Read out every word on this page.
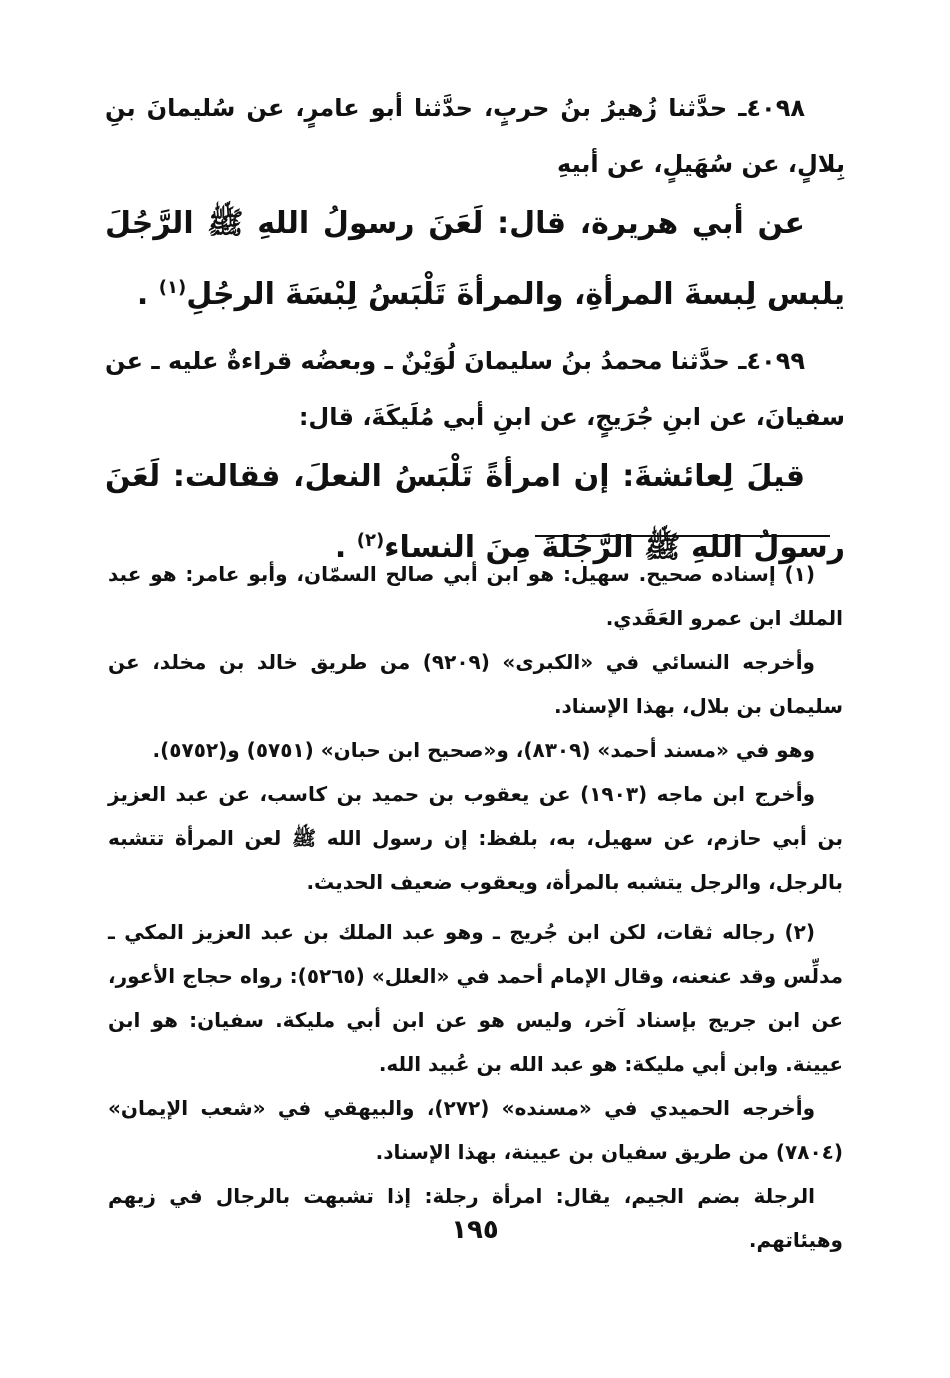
٤٠٩٨ـ حدَّثنا زُهيرُ بنُ حربٍ، حدَّثنا أبو عامرٍ، عن سُليمانَ بنِ بِلالٍ، عن سُهَيلٍ، عن أبيهِ

عن أبي هريرة، قال: لَعَنَ رسولُ اللهِ ﷺ الرَّجُلَ يلبس لِبسةَ المرأةِ، والمرأةَ تَلْبَسُ لِبْسَةَ الرجُلِ$^{(١)}$ .

٤٠٩٩ـ حدَّثنا محمدُ بنُ سليمانَ لُوَيْنٌ ـ وبعضُه قراءةٌ عليه ـ عن سفيانَ، عن ابنِ جُرَيجٍ، عن ابنِ أبي مُلَيكَةَ، قال:

قيلَ لِعائشةَ: إن امرأةً تَلْبَسُ النعلَ، فقالت: لَعَنَ رسولُ اللهِ ﷺ الرَّجُلةَ مِنَ النساء$^{(٢)}$ .

(١) إسناده صحيح. سهيل: هو ابن أبي صالح السمّان، وأبو عامر: هو عبد الملك ابن عمرو العَقَدي.

وأخرجه النسائي في «الكبرى» (٩٢٠٩) من طريق خالد بن مخلد، عن سليمان بن بلال، بهذا الإسناد.

وهو في «مسند أحمد» (٨٣٠٩)، و«صحيح ابن حبان» (٥٧٥١) و(٥٧٥٢).

وأخرج ابن ماجه (١٩٠٣) عن يعقوب بن حميد بن كاسب، عن عبد العزيز بن أبي حازم، عن سهيل، به، بلفظ: إن رسول الله ﷺ لعن المرأة تتشبه بالرجل، والرجل يتشبه بالمرأة، ويعقوب ضعيف الحديث.

(٢) رجاله ثقات، لكن ابن جُريج ـ وهو عبد الملك بن عبد العزيز المكي ـ مدلِّس وقد عنعنه، وقال الإمام أحمد في «العلل» (٥٢٦٥): رواه حجاج الأعور، عن ابن جريج بإسناد آخر، وليس هو عن ابن أبي مليكة. سفيان: هو ابن عيينة. وابن أبي مليكة: هو عبد الله بن عُبيد الله.

وأخرجه الحميدي في «مسنده» (٢٧٢)، والبيهقي في «شعب الإيمان» (٧٨٠٤) من طريق سفيان بن عيينة، بهذا الإسناد.

الرجلة بضم الجيم، يقال: امرأة رجلة: إذا تشبهت بالرجال في زيهم وهيئاتهم.

١٩٥
